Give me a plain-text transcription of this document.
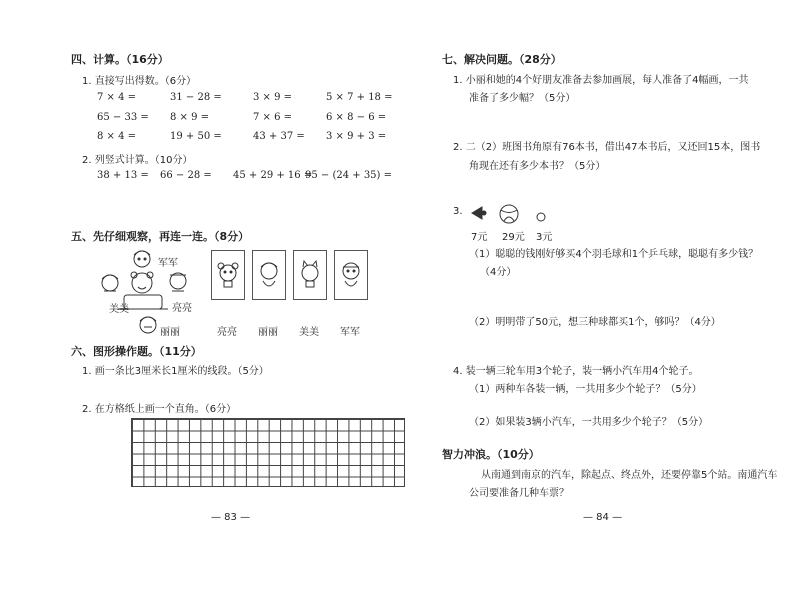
四、计算。（16分）
1. 直接写出得数。（6分）
7 × 4 =	31 − 28 =	3 × 9 =	5 × 7 + 18 =
65 − 33 = 8 × 9 =	7 × 6 =	6 × 8 − 6 =
8 × 4 =	19 + 50 =	43 + 37 = 3 × 9 + 3 =
2. 列竖式计算。（10分）
38 + 13 = 66 − 28 = 45 + 29 + 16 =
95 − (24 + 35) =
五、先仔细观察，再连一连。（8分）
军军
美美	亮亮
丽丽	亮亮 丽丽 美美 军军
六、图形操作题。（11分）
1. 画一条比3厘米长1厘米的线段。（5分）
2. 在方格纸上画一个直角。（6分）
— 83 —
七、解决问题。（28分）
1. 小丽和她的4个好朋友准备去参加画展，每人准备了4幅画，一共
准备了多少幅？（5分）
2. 二（2）班图书角原有76本书，借出47本书后，又还回15本，图书
角现在还有多少本书？（5分）
3.
7元 29元 3元
（1）聪聪的钱刚好够买4个羽毛球和1个乒乓球，聪聪有多少钱？
（4分）
（2）明明带了50元，想三种球都买1个，够吗？（4分）
4. 装一辆三轮车用3个轮子，装一辆小汽车用4个轮子。
（1）两种车各装一辆，一共用多少个轮子？（5分）
（2）如果装3辆小汽车，一共用多少个轮子？（5分）
智力冲浪。（10分）
从南通到南京的汽车，除起点、终点外，还要停靠5个站。南通汽车
公司要准备几种车票？
— 84 —
